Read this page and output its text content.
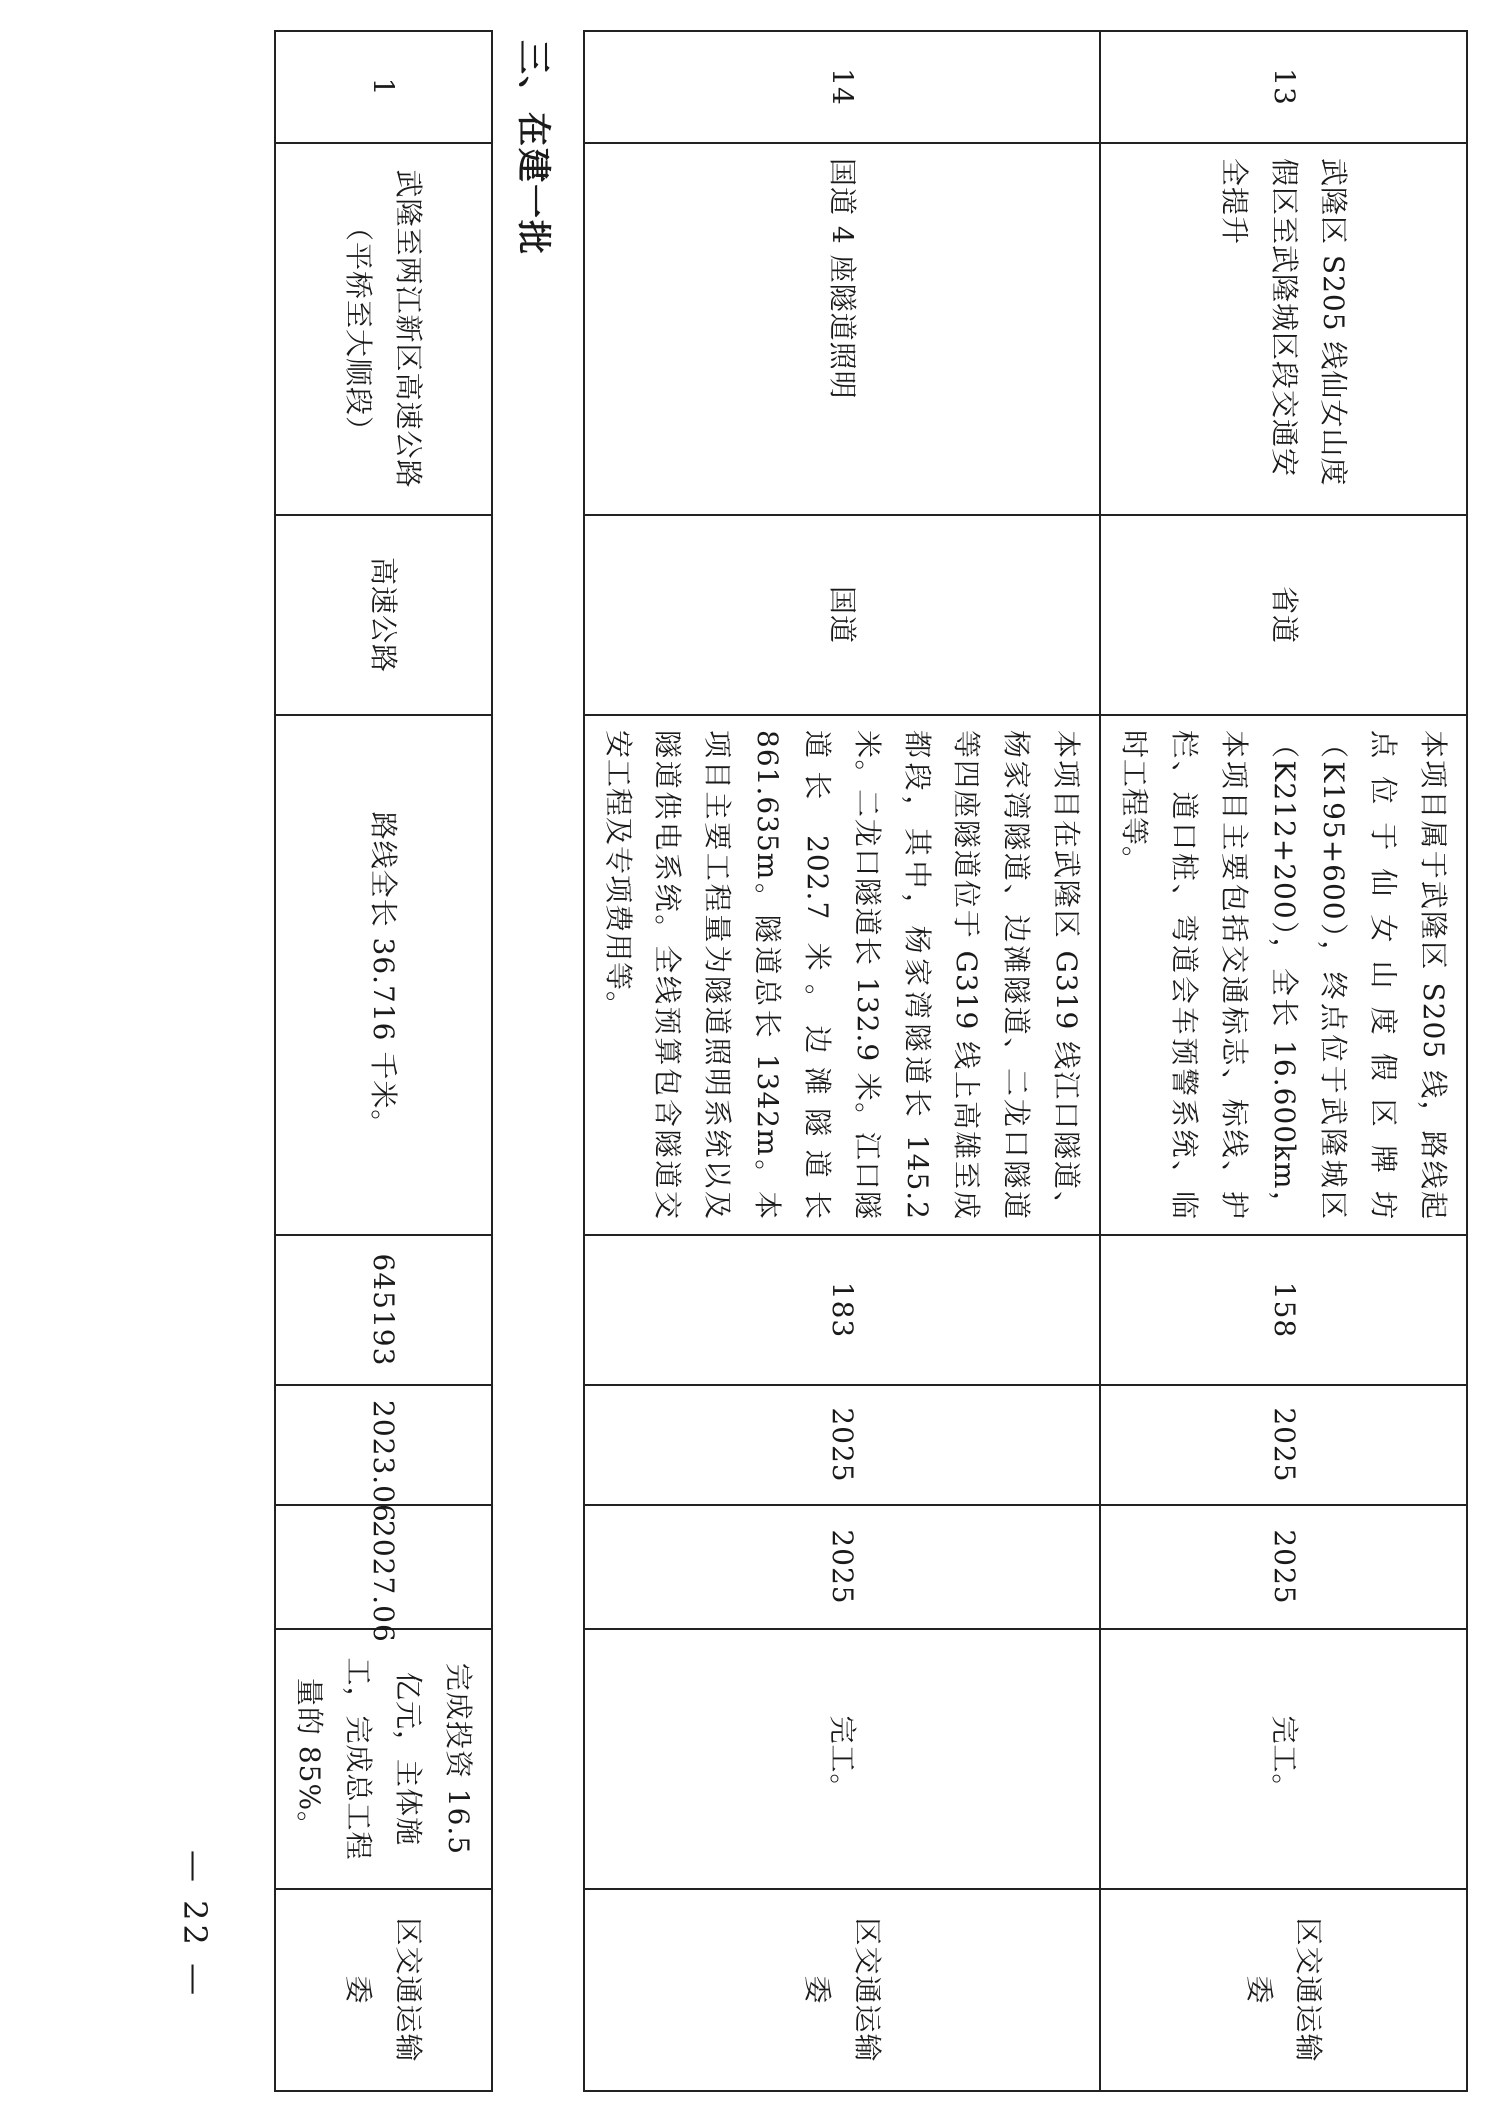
13	武隆区 S205 线仙女山度假区至武隆城区段交通安全提升	省道	本项目属于武隆区 S205 线，路线起点位于仙女山度假区牌坊（K195+600），终点位于武隆城区（K212+200），全长 16.600km，本项目主要包括交通标志、标线、护栏、道口桩、弯道会车预警系统、临时工程等。	158	2025	2025	完工。	区交通运输委
14	国道 4 座隧道照明	国道	本项目在武隆区 G319 线江口隧道、杨家湾隧道、边滩隧道、二龙口隧道等四座隧道位于 G319 线上高雄至成都段，其中，杨家湾隧道长 145.2 米。二龙口隧道长 132.9 米。江口隧道长 202.7 米。边滩隧道长 861.635m。隧道总长 1342m。本项目主要工程量为隧道照明系统以及隧道供电系统。全线预算包含隧道交安工程及专项费用等。	183	2025	2025	完工。	区交通运输委
三、在建一批
1	武隆至两江新区高速公路（平桥至大顺段）	高速公路	路线全长 36.716 千米。	645193	2023.06	2027.06	完成投资 16.5 亿元，主体施工，完成总工程量的 85%。	区交通运输委
— 22 —
